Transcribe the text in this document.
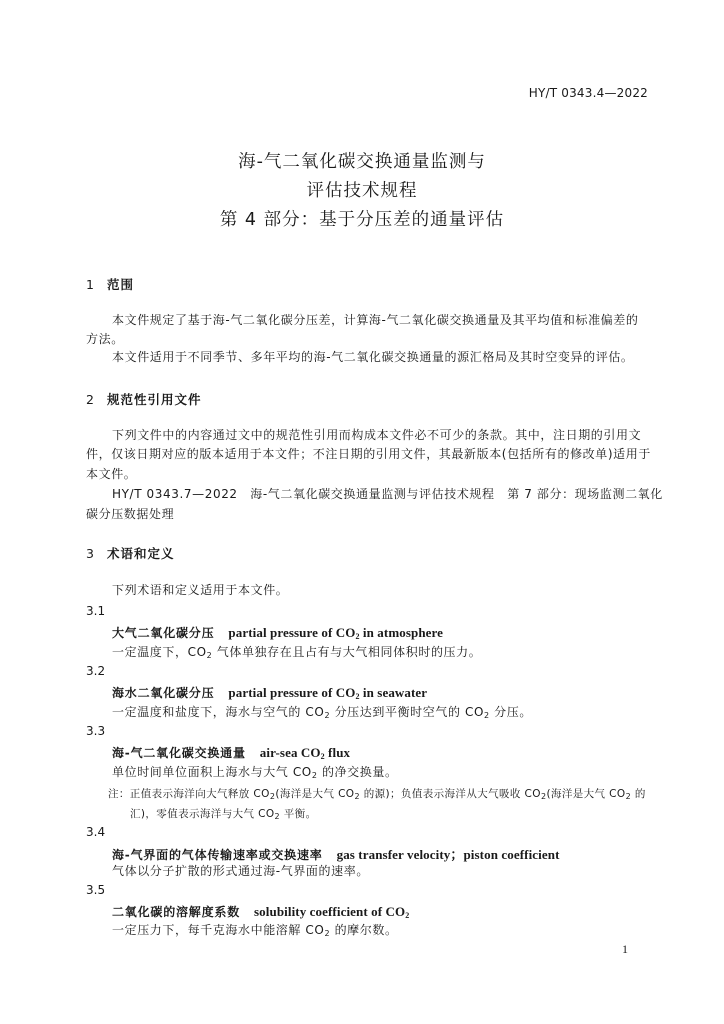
HY/T 0343.4—2022
海-气二氧化碳交换通量监测与
评估技术规程
第 4 部分：基于分压差的通量评估
1 范围
本文件规定了基于海-气二氧化碳分压差，计算海-气二氧化碳交换通量及其平均值和标准偏差的
方法。
本文件适用于不同季节、多年平均的海-气二氧化碳交换通量的源汇格局及其时空变异的评估。
2 规范性引用文件
下列文件中的内容通过文中的规范性引用而构成本文件必不可少的条款。其中，注日期的引用文
件，仅该日期对应的版本适用于本文件；不注日期的引用文件，其最新版本(包括所有的修改单)适用于
本文件。
HY/T 0343.7—2022　海-气二氧化碳交换通量监测与评估技术规程　第 7 部分：现场监测二氧化
碳分压数据处理
3 术语和定义
下列术语和定义适用于本文件。
3.1
大气二氧化碳分压 partial pressure of $CO_2$ in atmosphere
一定温度下，$CO_2$ 气体单独存在且占有与大气相同体积时的压力。
3.2
海水二氧化碳分压 partial pressure of $CO_2$ in seawater
一定温度和盐度下，海水与空气的 $CO_2$ 分压达到平衡时空气的 $CO_2$ 分压。
3.3
海-气二氧化碳交换通量 air-sea $CO_2$ flux
单位时间单位面积上海水与大气 $CO_2$ 的净交换量。
注：正值表示海洋向大气释放 $CO_2$(海洋是大气 $CO_2$ 的源)；负值表示海洋从大气吸收 $CO_2$(海洋是大气 $CO_2$ 的
汇)，零值表示海洋与大气 $CO_2$ 平衡。
3.4
海-气界面的气体传输速率或交换速率 gas transfer velocity；piston coefficient
气体以分子扩散的形式通过海-气界面的速率。
3.5
二氧化碳的溶解度系数 solubility coefficient of $CO_2$
一定压力下，每千克海水中能溶解 $CO_2$ 的摩尔数。
1
